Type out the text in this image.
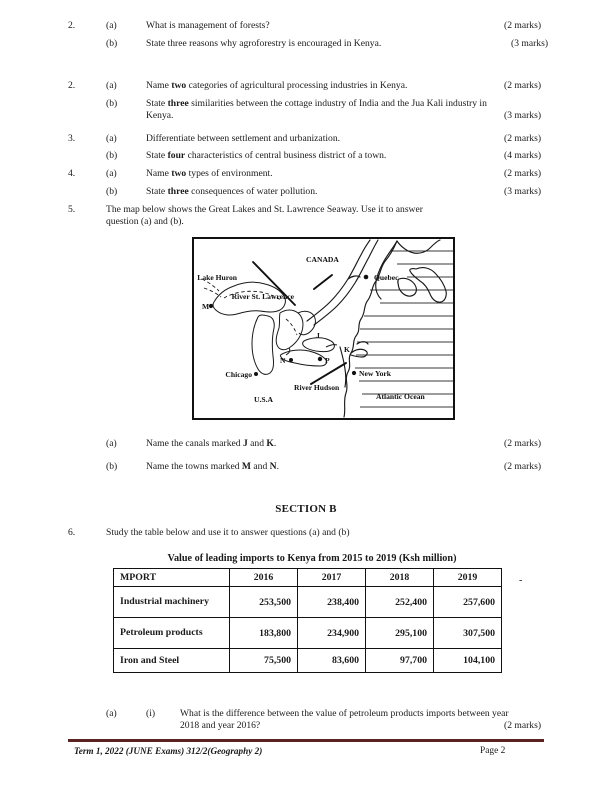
2.	(a)	What is management of forests?	(2 marks)
(b)	State three reasons why agroforestry is encouraged in Kenya.	(3 marks)
2.	(a)	Name two categories of agricultural processing industries in Kenya.	(2 marks)
(b)	State three similarities between the cottage industry of India and the Jua Kali industry in Kenya.	(3 marks)
3.	(a)	Differentiate between settlement and urbanization.	(2 marks)
(b)	State four characteristics of central business district of a town.	(4 marks)
4.	(a)	Name two types of environment.	(2 marks)
(b)	State three consequences of water pollution.	(3 marks)
5.	The map below shows the Great Lakes and St. Lawrence Seaway. Use it to answer question (a) and (b).
CANADA
U.S.A
Lake Huron
River St. Lawrence
Quebec
New York
Chicago
River Hudson
Atlantic Ocean
M
N	P
J
K
(a)	Name the canals marked J and K.	(2 marks)
(b)	Name the towns marked M and N.	(2 marks)
SECTION B
6.	Study the table below and use it to answer questions (a) and (b)
Value of leading imports to Kenya from 2015 to 2019 (Ksh million)
MPORT	2016	2017	2018	2019
Industrial machinery	253,500	238,400	252,400	257,600
Petroleum products	183,800	234,900	295,100	307,500
Iron and Steel	75,500	83,600	97,700	104,100
-
(a)	(i)	What is the difference between the value of petroleum products imports between year 2018 and year 2016?	(2 marks)
Term 1, 2022 (JUNE Exams) 312/2(Geography 2)	Page 2
